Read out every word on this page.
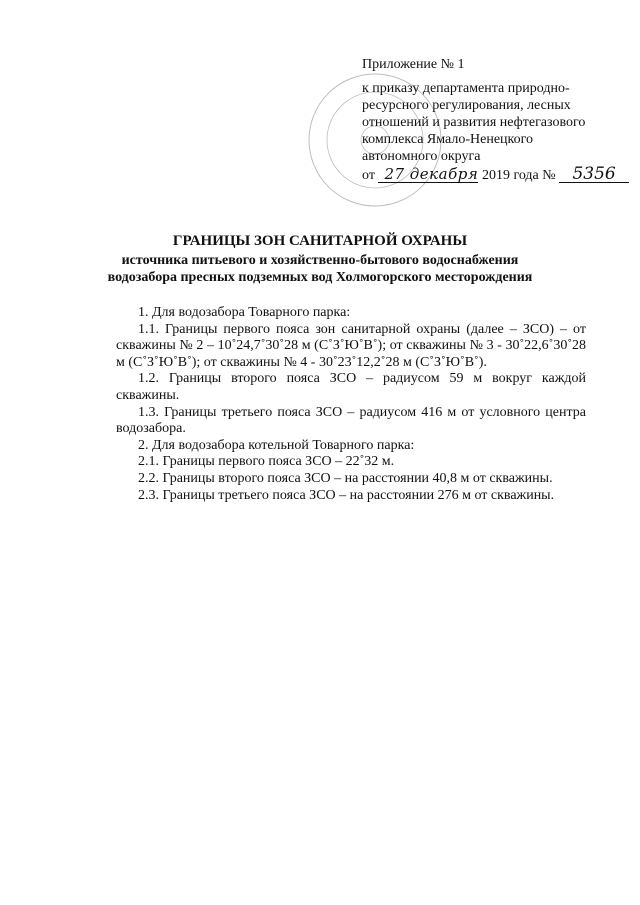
Приложение № 1
к приказу департамента природно-
ресурсного регулирования, лесных
отношений и развития нефтегазового
комплекса Ямало-Ненецкого
автономного округа
от 27 декабря 2019 года № 5356
ГРАНИЦЫ ЗОН САНИТАРНОЙ ОХРАНЫ
источника питьевого и хозяйственно-бытового водоснабжения
водозабора пресных подземных вод Холмогорского месторождения

1. Для водозабора Товарного парка:

1.1. Границы первого пояса зон санитарной охраны (далее – ЗСО) – от скважины № 2 – 10˚24,7˚30˚28 м (С˚З˚Ю˚В˚); от скважины № 3 - 30˚22,6˚30˚28 м (С˚З˚Ю˚В˚); от скважины № 4 - 30˚23˚12,2˚28 м (С˚З˚Ю˚В˚).

1.2. Границы второго пояса ЗСО – радиусом 59 м вокруг каждой скважины.

1.3. Границы третьего пояса ЗСО – радиусом 416 м от условного центра водозабора.

2. Для водозабора котельной Товарного парка:

2.1. Границы первого пояса ЗСО – 22˚32 м.

2.2. Границы второго пояса ЗСО – на расстоянии 40,8 м от скважины.

2.3. Границы третьего пояса ЗСО – на расстоянии 276 м от скважины.
